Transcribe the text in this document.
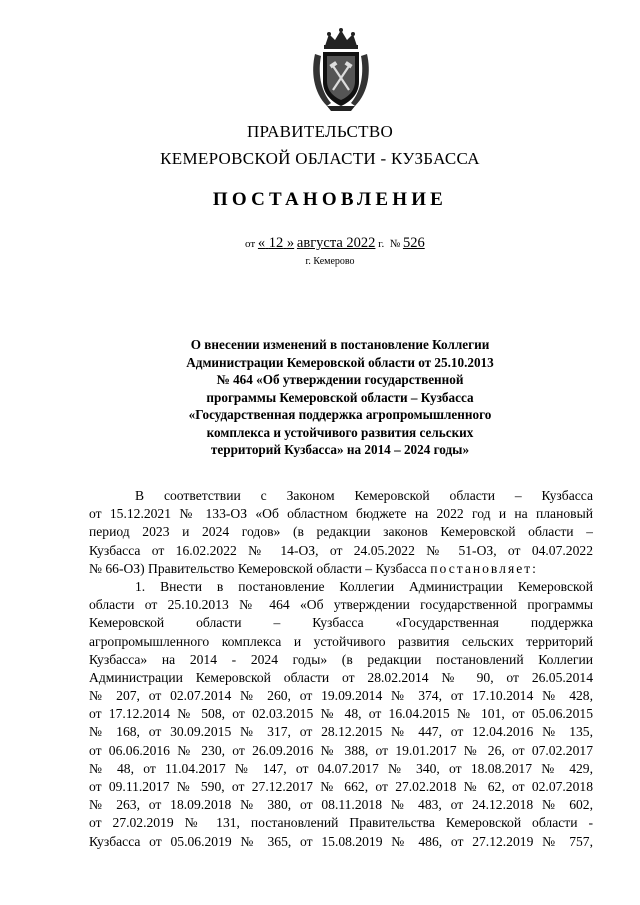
ПРАВИТЕЛЬСТВО
КЕМЕРОВСКОЙ ОБЛАСТИ - КУЗБАССА
ПОСТАНОВЛЕНИЕ
от « 12 » августа 2022 г. № 526
г. Кемерово
О внесении изменений в постановление Коллегии
Администрации Кемеровской области от 25.10.2013
№ 464 «Об утверждении государственной
программы Кемеровской области – Кузбасса
«Государственная поддержка агропромышленного
комплекса и устойчивого развития сельских
территорий Кузбасса» на 2014 – 2024 годы»
В соответствии с Законом Кемеровской области – Кузбасса
от 15.12.2021 № 133-ОЗ «Об областном бюджете на 2022 год и на плановый
период 2023 и 2024 годов» (в редакции законов Кемеровской области –
Кузбасса от 16.02.2022 № 14-ОЗ, от 24.05.2022 № 51-ОЗ, от 04.07.2022
№ 66-ОЗ) Правительство Кемеровской области – Кузбасса постановляет:
1. Внести в постановление Коллегии Администрации Кемеровской
области от 25.10.2013 № 464 «Об утверждении государственной программы
Кемеровской области – Кузбасса «Государственная поддержка
агропромышленного комплекса и устойчивого развития сельских территорий
Кузбасса» на 2014 - 2024 годы» (в редакции постановлений Коллегии
Администрации Кемеровской области от 28.02.2014 № 90, от 26.05.2014
№ 207, от 02.07.2014 № 260, от 19.09.2014 № 374, от 17.10.2014 № 428,
от 17.12.2014 № 508, от 02.03.2015 № 48, от 16.04.2015 № 101, от 05.06.2015
№ 168, от 30.09.2015 № 317, от 28.12.2015 № 447, от 12.04.2016 № 135,
от 06.06.2016 № 230, от 26.09.2016 № 388, от 19.01.2017 № 26, от 07.02.2017
№ 48, от 11.04.2017 № 147, от 04.07.2017 № 340, от 18.08.2017 № 429,
от 09.11.2017 № 590, от 27.12.2017 № 662, от 27.02.2018 № 62, от 02.07.2018
№ 263, от 18.09.2018 № 380, от 08.11.2018 № 483, от 24.12.2018 № 602,
от 27.02.2019 № 131, постановлений Правительства Кемеровской области -
Кузбасса от 05.06.2019 № 365, от 15.08.2019 № 486, от 27.12.2019 № 757,
